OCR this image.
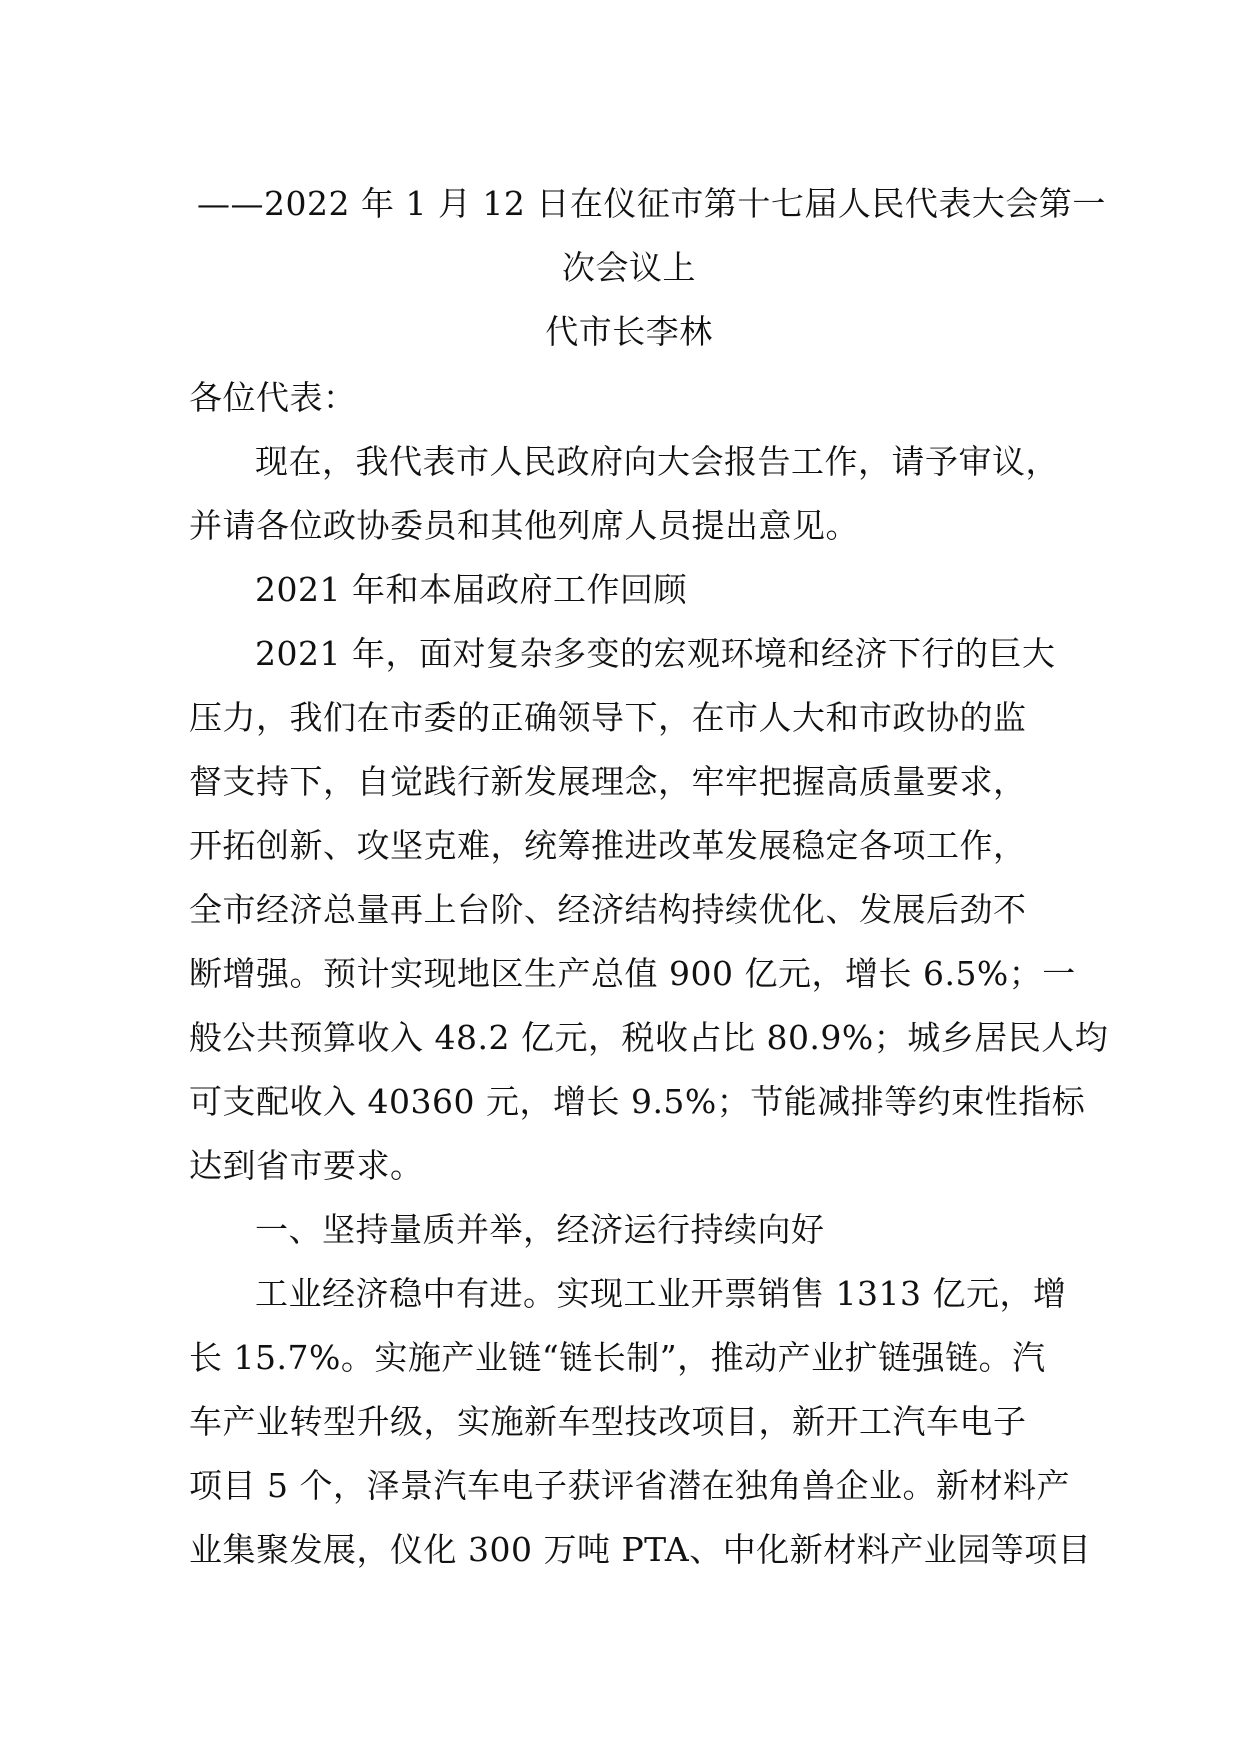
——2022 年 1 月 12 日在仪征市第十七届人民代表大会第一
次会议上
代市长李林
各位代表：
现在，我代表市人民政府向大会报告工作，请予审议，
并请各位政协委员和其他列席人员提出意见。
2021 年和本届政府工作回顾
2021 年，面对复杂多变的宏观环境和经济下行的巨大
压力，我们在市委的正确领导下，在市人大和市政协的监
督支持下，自觉践行新发展理念，牢牢把握高质量要求，
开拓创新、攻坚克难，统筹推进改革发展稳定各项工作，
全市经济总量再上台阶、经济结构持续优化、发展后劲不
断增强。预计实现地区生产总值 900 亿元，增长 6.5%；一
般公共预算收入 48.2 亿元，税收占比 80.9%；城乡居民人均
可支配收入 40360 元，增长 9.5%；节能减排等约束性指标
达到省市要求。
一、坚持量质并举，经济运行持续向好
工业经济稳中有进。实现工业开票销售 1313 亿元，增
长 15.7%。实施产业链“链长制”，推动产业扩链强链。汽
车产业转型升级，实施新车型技改项目，新开工汽车电子
项目 5 个，泽景汽车电子获评省潜在独角兽企业。新材料产
业集聚发展，仪化 300 万吨 PTA、中化新材料产业园等项目
